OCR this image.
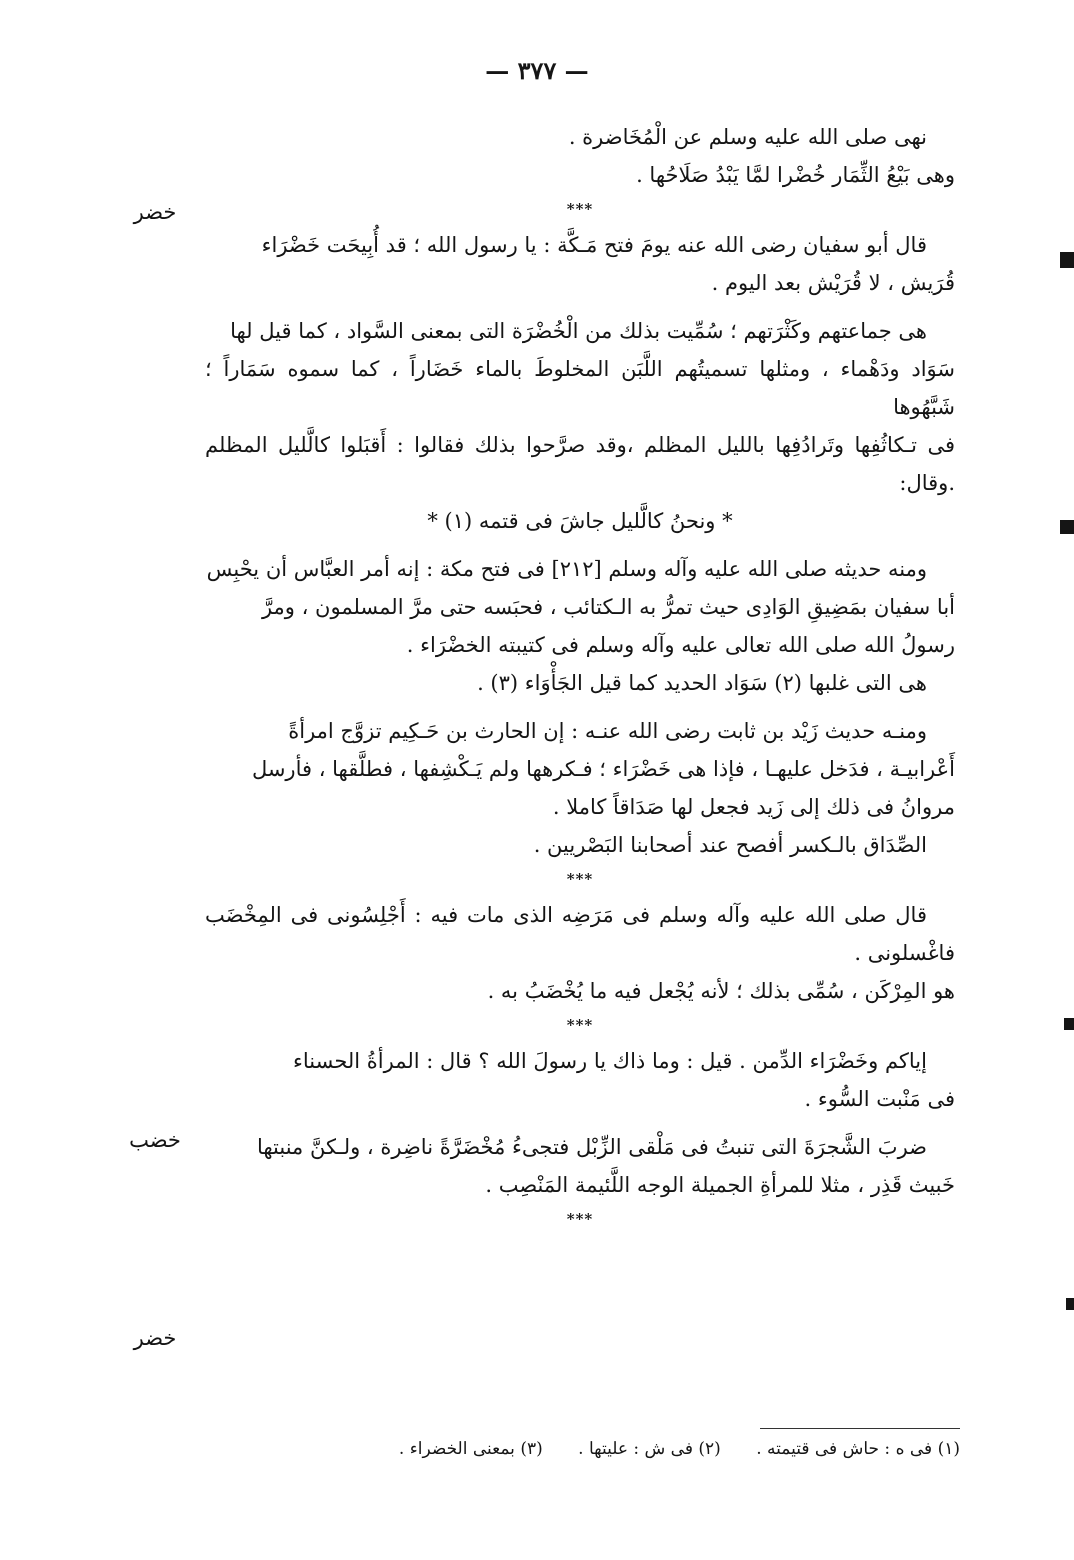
— ٣٧٧ —
خضر
خضب
خضر

نهى صلى الله عليه وسلم عن الْمُخَاضرة .
وهى بَيْعُ الثِّمَار خُضْرا لمَّا يَبْدُ صَلَاحُها .

***

قال أبو سفيان رضى الله عنه يومَ فتح مَـكَّة : يا رسول الله ؛ قد أُبِيحَت خَضْرَاء
قُرَيش ، لا قُرَيْش بعد اليوم .

هى جماعتهم وكَثْرَتهم ؛ سُمِّيت بذلك من الْخُضْرَة التى بمعنى السَّواد ، كما قيل لها
سَوَاد ودَهْماء ، ومثلها تسميتُهم اللَّبَن المخلوطَ بالماء خَضَاراً ، كما سموه سَمَاراً ؛ شَبَّهُوها
فى تـكاثُفِها وتَرادُفِها بالليل المظلم ،وقد صرَّحوا بذلك فقالوا : أَقبَلوا كالَّليل المظلم .وقال:

* ونحنُ كالَّليل جاشَ فى قتمه (١) *

ومنه حديثه صلى الله عليه وآله وسلم [٢١٢] فى فتح مكة : إنه أمر العبَّاس أن يحْبِس
أبا سفيان بمَضِيقِ الوَادِى حيث تمرُّ به الـكتائب ، فحبَسه حتى مرَّ المسلمون ، ومرَّ
رسولُ الله صلى الله تعالى عليه وآله وسلم فى كتيبته الخضْرَاء .

هى التى غلبها (٢) سَوَاد الحديد كما قيل الجَأْوَاء (٣) .

ومنـه حديث زَيْد بن ثابت رضى الله عنـه : إن الحارث بن حَـكِيم تزوَّج امرأةً
أَعْرابيـة ، فدَخل عليهـا ، فإذا هى خَضْرَاء ؛ فـكرهها ولم يَـكْشِفها ، فطلَّقها ، فأرسل
مروانُ فى ذلك إلى زَيد فجعل لها صَدَاقاً كاملا .

الصِّدَاق بالـكسر أفصح عند أصحابنا البَصْريين .

***

قال صلى الله عليه وآله وسلم فى مَرَضِه الذى مات فيه : أَجْلِسُونى فى المِخْضَب فاغْسلونى .
هو المِرْكَن ، سُمِّى بذلك ؛ لأنه يُجْعل فيه ما يُخْضَبُ به .

***

إياكم وخَضْرَاء الدِّمن . قيل : وما ذاك يا رسولَ الله ؟ قال : المرأةُ الحسناء
فى مَنْبت السُّوء .

ضربَ الشَّجرَةَ التى تنبتُ فى مَلْقى الزِّبْل فتجىءُ مُخْضَرَّةً ناضِرة ، ولـكنَّ منبتها
خَبيث قَذِر ، مثلا للمرأةِ الجميلة الوجه اللَّئيمة المَنْصِب .

***

(١) فى ه : حاش فى قتيمته . (٢) فى ش : عليتها . (٣) بمعنى الخضراء .
